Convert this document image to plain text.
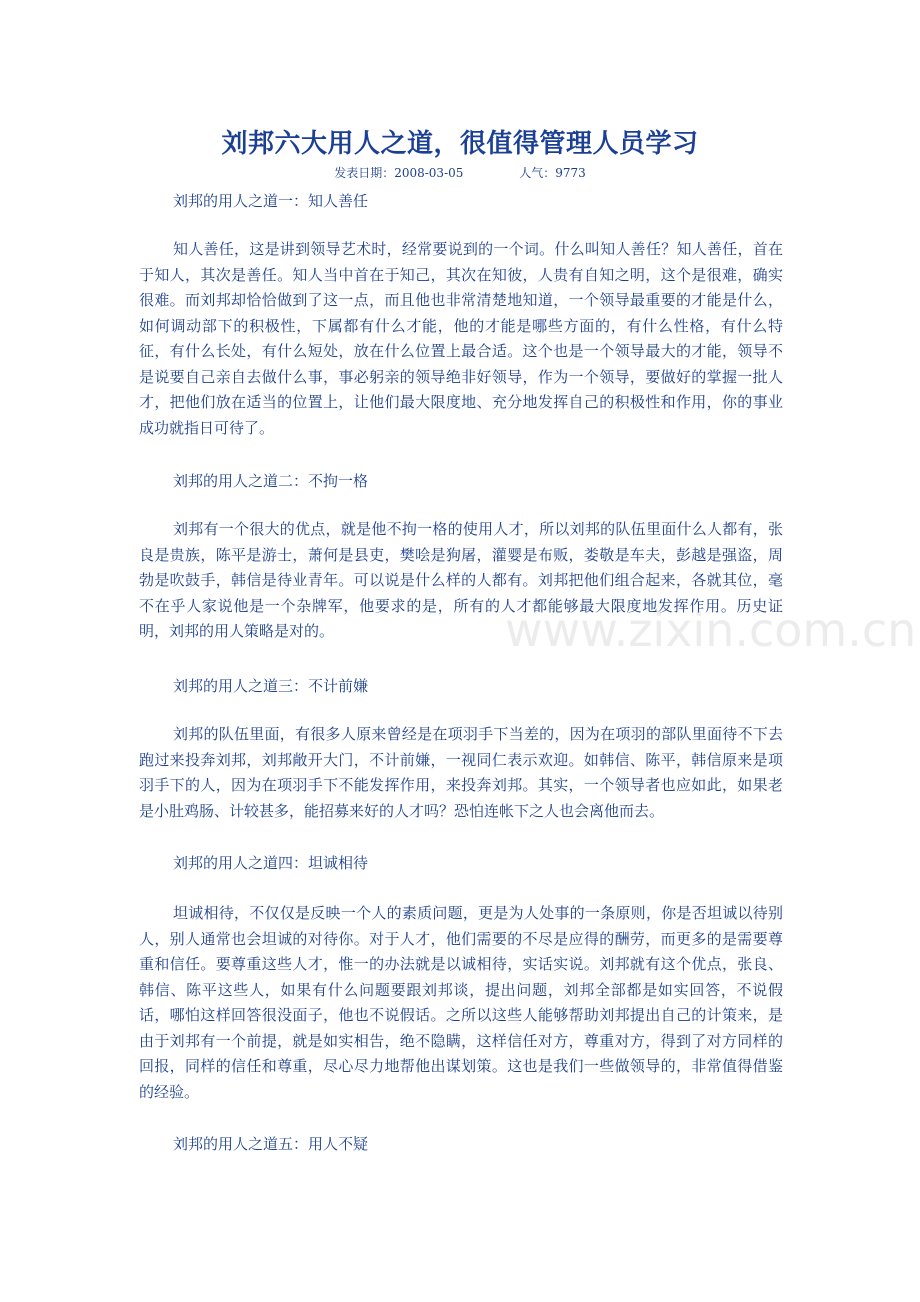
刘邦六大用人之道，很值得管理人员学习
发表日期：2008-03-05	人气：9773
刘邦的用人之道一：知人善任
知人善任，这是讲到领导艺术时，经常要说到的一个词。什么叫知人善任？知人善任，首在于知人，其次是善任。知人当中首在于知己，其次在知彼，人贵有自知之明，这个是很难，确实很难。而刘邦却恰恰做到了这一点，而且他也非常清楚地知道，一个领导最重要的才能是什么，如何调动部下的积极性，下属都有什么才能，他的才能是哪些方面的，有什么性格，有什么特征，有什么长处，有什么短处，放在什么位置上最合适。这个也是一个领导最大的才能，领导不是说要自己亲自去做什么事，事必躬亲的领导绝非好领导，作为一个领导，要做好的掌握一批人才，把他们放在适当的位置上，让他们最大限度地、充分地发挥自己的积极性和作用，你的事业成功就指日可待了。
刘邦的用人之道二：不拘一格
刘邦有一个很大的优点，就是他不拘一格的使用人才，所以刘邦的队伍里面什么人都有，张良是贵族，陈平是游士，萧何是县吏，樊哙是狗屠，灌婴是布贩，娄敬是车夫，彭越是强盗，周勃是吹鼓手，韩信是待业青年。可以说是什么样的人都有。刘邦把他们组合起来，各就其位，毫不在乎人家说他是一个杂牌军，他要求的是，所有的人才都能够最大限度地发挥作用。历史证明，刘邦的用人策略是对的。
刘邦的用人之道三：不计前嫌
刘邦的队伍里面，有很多人原来曾经是在项羽手下当差的，因为在项羽的部队里面待不下去跑过来投奔刘邦，刘邦敞开大门，不计前嫌，一视同仁表示欢迎。如韩信、陈平，韩信原来是项羽手下的人，因为在项羽手下不能发挥作用，来投奔刘邦。其实，一个领导者也应如此，如果老是小肚鸡肠、计较甚多，能招募来好的人才吗？恐怕连帐下之人也会离他而去。
刘邦的用人之道四：坦诚相待
坦诚相待，不仅仅是反映一个人的素质问题，更是为人处事的一条原则，你是否坦诚以待别人，别人通常也会坦诚的对待你。对于人才，他们需要的不尽是应得的酬劳，而更多的是需要尊重和信任。要尊重这些人才，惟一的办法就是以诚相待，实话实说。刘邦就有这个优点，张良、韩信、陈平这些人，如果有什么问题要跟刘邦谈，提出问题，刘邦全部都是如实回答，不说假话，哪怕这样回答很没面子，他也不说假话。之所以这些人能够帮助刘邦提出自己的计策来，是由于刘邦有一个前提，就是如实相告，绝不隐瞒，这样信任对方，尊重对方，得到了对方同样的回报，同样的信任和尊重，尽心尽力地帮他出谋划策。这也是我们一些做领导的，非常值得借鉴的经验。
刘邦的用人之道五：用人不疑
www.zixin.com.cn
